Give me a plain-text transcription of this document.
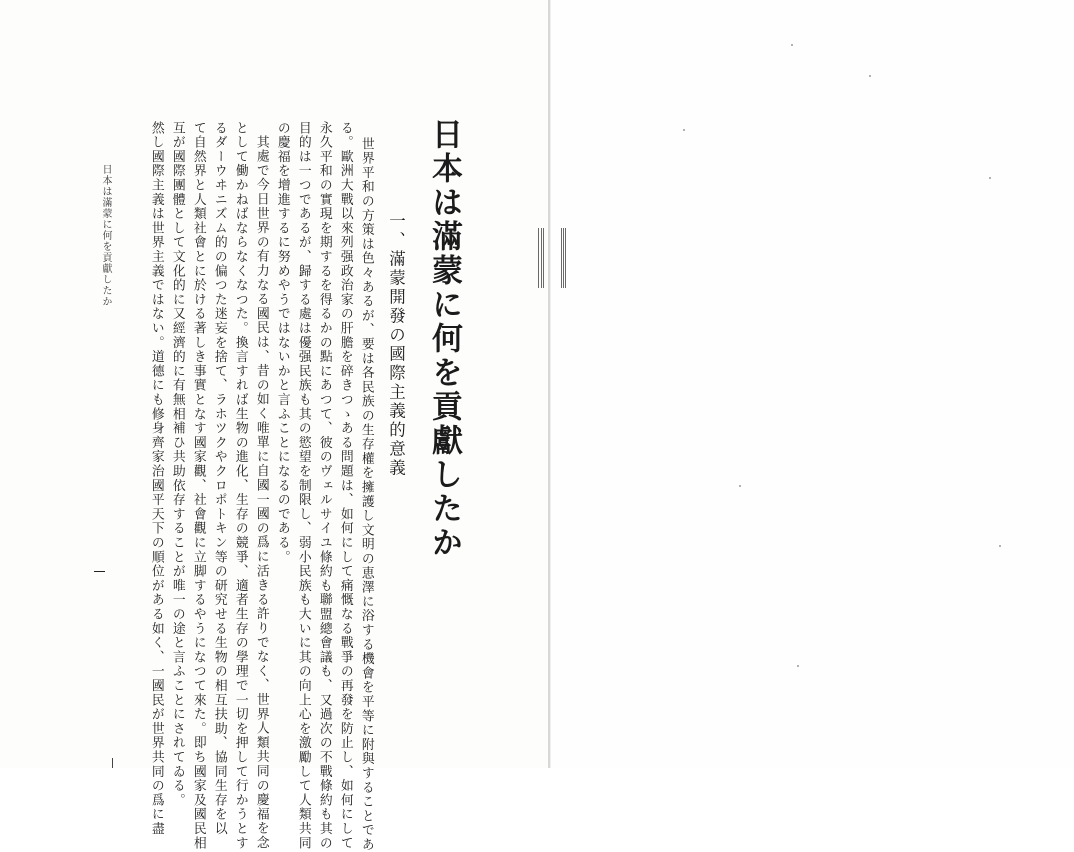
日本は滿蒙に何を貢獻したか
一、滿蒙開發の國際主義的意義
世界平和の方策は色々あるが、要は各民族の生存權を擁護し文明の恵澤に浴する機會を平等に附與することであ
る。歐洲大戰以來列强政治家の肝膽を碎きつゝある問題は、如何にして痛慨なる戰爭の再發を防止し、如何にして
永久平和の實現を期するを得るかの點にあつて、彼のヴェルサイユ條約も聯盟總會議も、又過次の不戰條約も其の
目的は一つであるが、歸する處は優强民族も其の慾望を制限し、弱小民族も大いに其の向上心を激勵して人類共同
の慶福を增進するに努めやうではないかと言ふことになるのである。
其處で今日世界の有力なる國民は、昔の如く唯單に自國一國の爲に活きる許りでなく、世界人類共同の慶福を念
として働かねばならなくなつた。換言すれば生物の進化、生存の競爭、適者生存の學理で一切を押して行かうとす
るダーウヰニズム的の偏つた迷妄を捨て、ラホツクやクロポトキン等の研究せる生物の相互扶助、協同生存を以
て自然界と人類社會とに於ける著しき事實となす國家觀、社會觀に立脚するやうになつて來た。即ち國家及國民相
互が國際團體として文化的に又經濟的に有無相補ひ共助依存することが唯一の途と言ふことにされてゐる。
然し國際主義は世界主義ではない。道德にも修身齊家治國平天下の順位がある如く、一國民が世界共同の爲に盡
日本は滿蒙に何を貢獻したか
